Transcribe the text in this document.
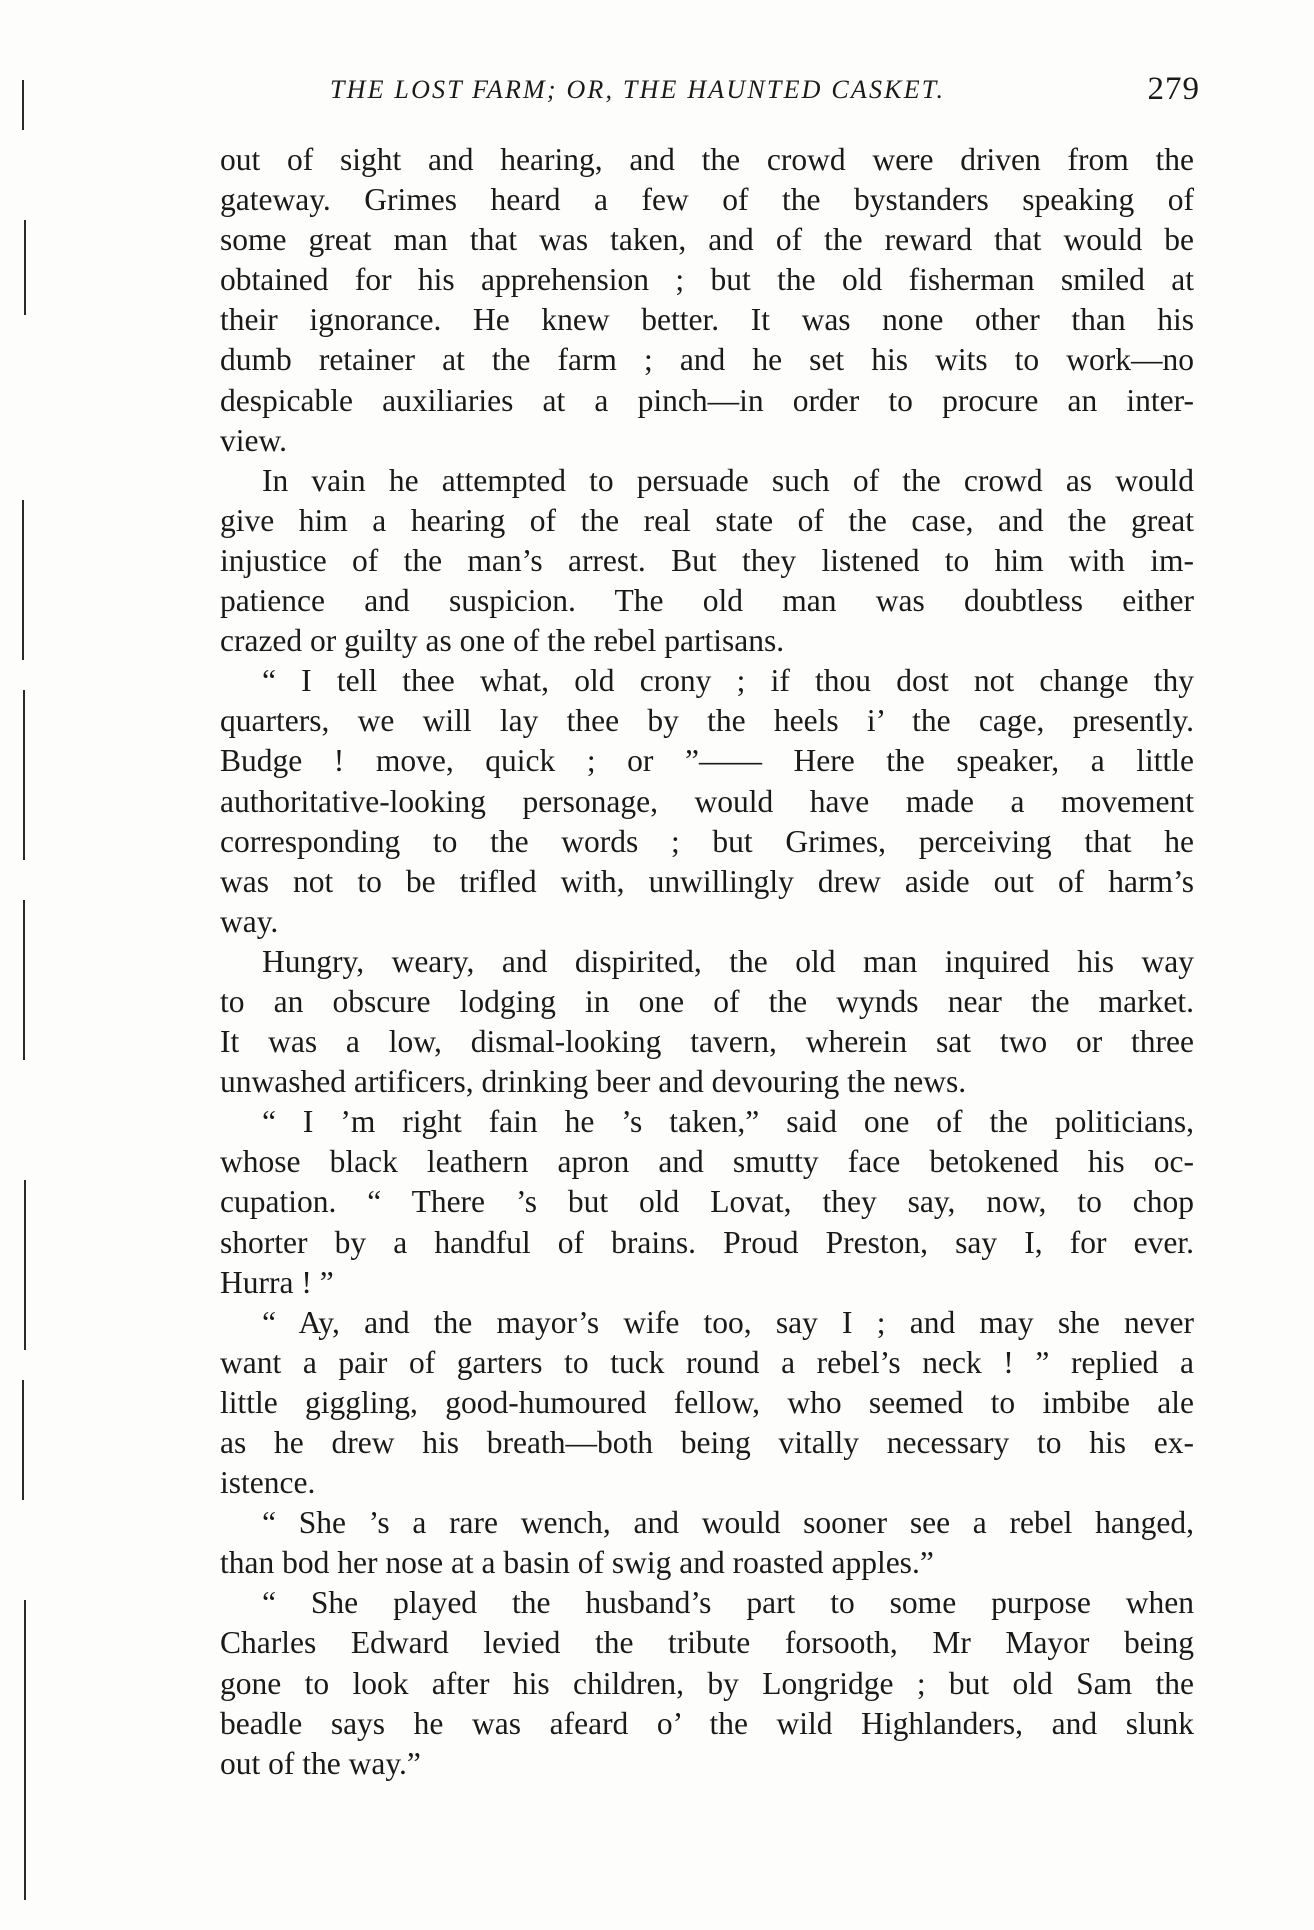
THE LOST FARM; OR, THE HAUNTED CASKET.	279
out of sight and hearing, and the crowd were driven from the
gateway. Grimes heard a few of the bystanders speaking of
some great man that was taken, and of the reward that would be
obtained for his apprehension ; but the old fisherman smiled at
their ignorance. He knew better. It was none other than his
dumb retainer at the farm ; and he set his wits to work—no
despicable auxiliaries at a pinch—in order to procure an inter-
view.
In vain he attempted to persuade such of the crowd as would
give him a hearing of the real state of the case, and the great
injustice of the man’s arrest. But they listened to him with im-
patience and suspicion. The old man was doubtless either
crazed or guilty as one of the rebel partisans.
“ I tell thee what, old crony ; if thou dost not change thy
quarters, we will lay thee by the heels i’ the cage, presently.
Budge ! move, quick ; or ”—— Here the speaker, a little
authoritative-looking personage, would have made a movement
corresponding to the words ; but Grimes, perceiving that he
was not to be trifled with, unwillingly drew aside out of harm’s
way.
Hungry, weary, and dispirited, the old man inquired his way
to an obscure lodging in one of the wynds near the market.
It was a low, dismal-looking tavern, wherein sat two or three
unwashed artificers, drinking beer and devouring the news.
“ I ’m right fain he ’s taken,” said one of the politicians,
whose black leathern apron and smutty face betokened his oc-
cupation. “ There ’s but old Lovat, they say, now, to chop
shorter by a handful of brains. Proud Preston, say I, for ever.
Hurra ! ”
“ Ay, and the mayor’s wife too, say I ; and may she never
want a pair of garters to tuck round a rebel’s neck ! ” replied a
little giggling, good-humoured fellow, who seemed to imbibe ale
as he drew his breath—both being vitally necessary to his ex-
istence.
“ She ’s a rare wench, and would sooner see a rebel hanged,
than bod her nose at a basin of swig and roasted apples.”
“ She played the husband’s part to some purpose when
Charles Edward levied the tribute forsooth, Mr Mayor being
gone to look after his children, by Longridge ; but old Sam the
beadle says he was afeard o’ the wild Highlanders, and slunk
out of the way.”
